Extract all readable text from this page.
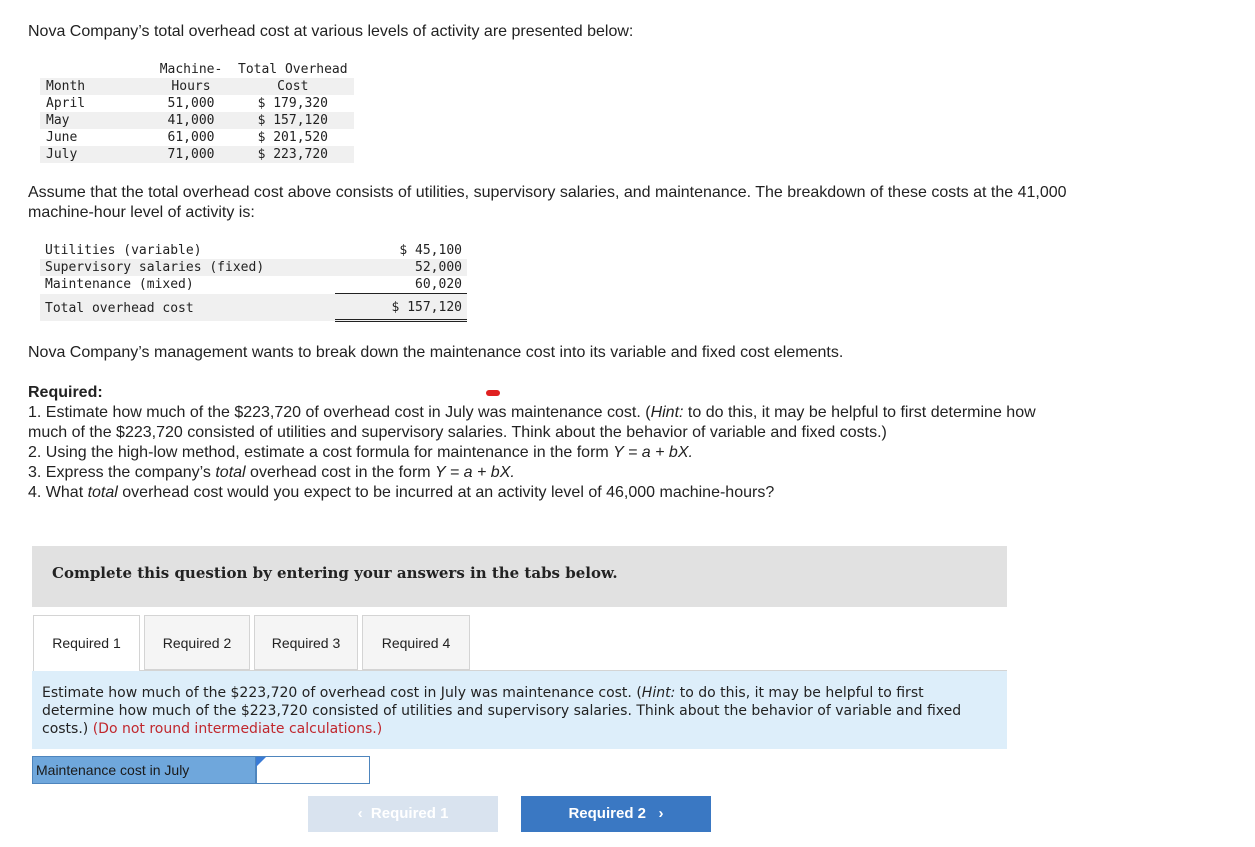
Nova Company’s total overhead cost at various levels of activity are presented below:
	Machine-	Total Overhead
Month	Hours	Cost
April	51,000	$ 179,320
May	41,000	$ 157,120
June	61,000	$ 201,520
July	71,000	$ 223,720
Assume that the total overhead cost above consists of utilities, supervisory salaries, and maintenance. The breakdown of these costs at the 41,000 machine-hour level of activity is:
Utilities (variable)	$ 45,100
Supervisory salaries (fixed)	52,000
Maintenance (mixed)	60,020
Total overhead cost	$ 157,120
Nova Company’s management wants to break down the maintenance cost into its variable and fixed cost elements.
Required:
1. Estimate how much of the $223,720 of overhead cost in July was maintenance cost. (Hint: to do this, it may be helpful to first determine how much of the $223,720 consisted of utilities and supervisory salaries. Think about the behavior of variable and fixed costs.)
2. Using the high-low method, estimate a cost formula for maintenance in the form Y = a + bX.
3. Express the company’s total overhead cost in the form Y = a + bX.
4. What total overhead cost would you expect to be incurred at an activity level of 46,000 machine-hours?
Complete this question by entering your answers in the tabs below.
Required 1	Required 2	Required 3	Required 4
Estimate how much of the $223,720 of overhead cost in July was maintenance cost. (Hint: to do this, it may be helpful to first determine how much of the $223,720 consisted of utilities and supervisory salaries. Think about the behavior of variable and fixed costs.) (Do not round intermediate calculations.)
Maintenance cost in July
‹ Required 1	Required 2 ›
